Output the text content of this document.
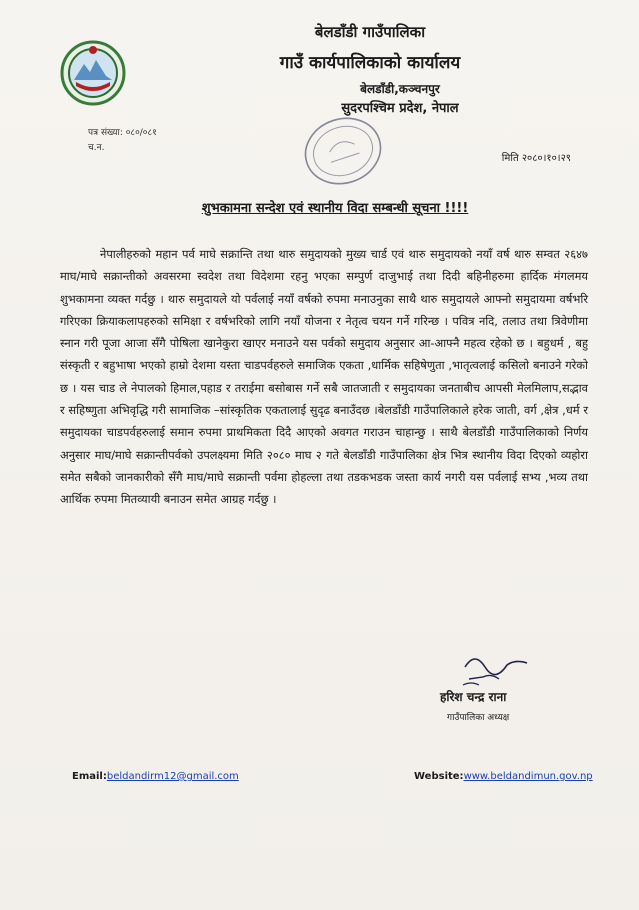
बेलडाँडी गाउँपालिका
गाउँ कार्यपालिकाको कार्यालय
बेलडाँडी,कञ्चनपुर
सुदरपश्चिम प्रदेश, नेपाल
पत्र संख्या: ०८०/०८१
च.न.
मिति २०८०।१०।२९
शुभकामना सन्देश एवं स्थानीय विदा सम्बन्धी सूचना !!!!
नेपालीहरुको महान पर्व माघे सक्रान्ति तथा थारु समुदायको मुख्य चार्ड एवं थारु समुदायको नयाँ वर्ष थारु सम्वत २६४७ माघ/माघे सक्रान्तीको अवसरमा स्वदेश तथा विदेशमा रहनु भएका सम्पुर्ण दाजुभाई तथा दिदी बहिनीहरुमा हार्दिक मंगलमय शुभकामना व्यक्त गर्दछु । थारु समुदायले यो पर्वलाई नयाँ वर्षको रुपमा मनाउनुका साथै थारु समुदायले आफ्नो समुदायमा वर्षभरि गरिएका क्रियाकलापहरुको समिक्षा र वर्षभरिको लागि नयाँ योजना र नेतृत्व चयन गर्ने गरिन्छ । पवित्र नदि, तलाउ तथा त्रिवेणीमा स्नान गरी पूजा आजा सँगै पोषिला खानेकुरा खाएर मनाउने यस पर्वको समुदाय अनुसार आ-आफ्नै महत्व रहेको छ । बहुधर्म , बहु संस्कृती र बहुभाषा भएको हाम्रो देशमा यस्ता चाडपर्वहरुले समाजिक एकता ,धार्मिक सहिषेणुता ,भातृत्वलाई कसिलो बनाउने गरेको छ । यस चाड ले नेपालको हिमाल,पहाड र तराईमा बसोबास गर्ने सबै जातजाती र समुदायका जनताबीच आपसी मेलमिलाप,सद्भाव र सहिष्णुता अभिवृद्धि गरी सामाजिक –सांस्कृतिक एकतालाई सुदृढ बनाउँदछ ।बेलडाँडी गाउँपालिकाले हरेक जाती, वर्ग ,क्षेत्र ,धर्म र समुदायका चाडपर्वहरुलाई समान रुपमा प्राथमिकता दिदै आएको अवगत गराउन चाहान्छु । साथै बेलडाँडी गाउँपालिकाको निर्णय अनुसार माघ/माघे सक्रान्तीपर्वको उपलक्ष्यमा मिति २०८० माघ २ गते बेलडाँडी गाउँपालिका क्षेत्र भित्र स्थानीय विदा दिएको व्यहोरा समेत सबैको जानकारीको सँगै माघ/माघे सक्रान्ती पर्वमा होहल्ला तथा तडकभडक जस्ता कार्य नगरी यस पर्वलाई सभ्य ,भव्य तथा आर्थिक रुपमा मितव्यायी बनाउन समेत आग्रह गर्दछु ।
हरिश चन्द्र राना
गाउँपालिका अध्यक्ष
Email:beldandirm12@gmail.com	Website:www.beldandimun.gov.np
